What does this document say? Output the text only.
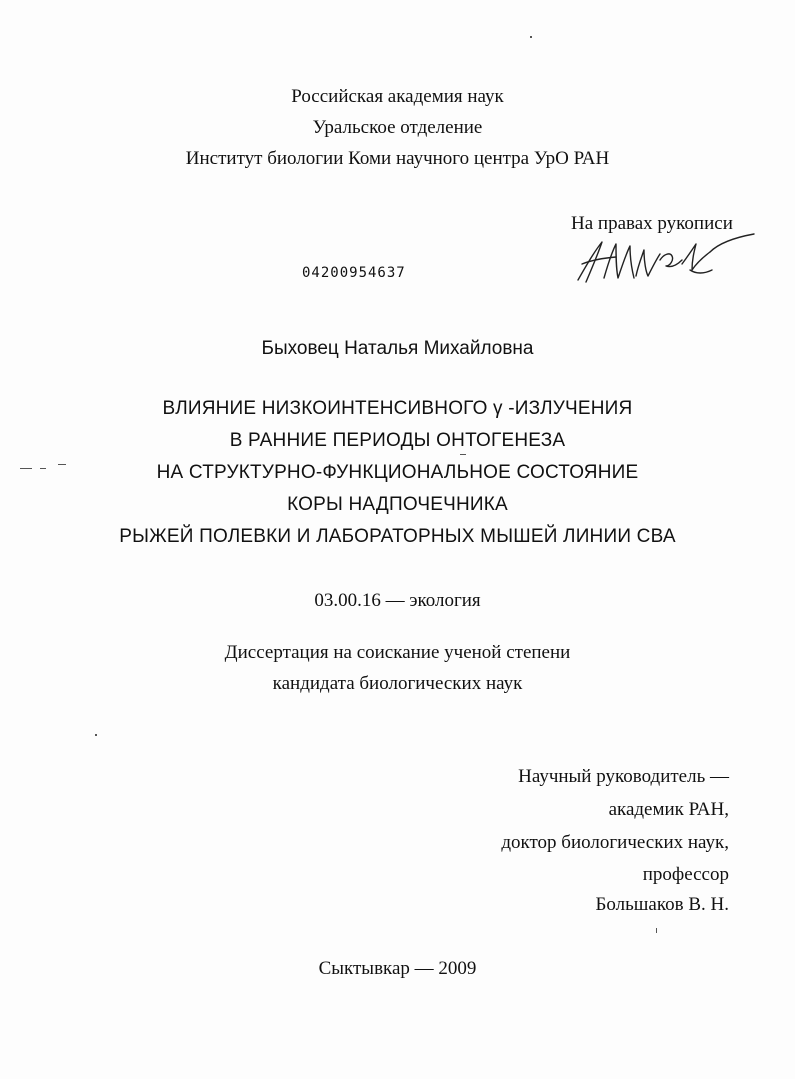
Российская академия наук
Уральское отделение
Институт биологии Коми научного центра УрО РАН
На правах рукописи
04200954637
Быховец Наталья Михайловна
ВЛИЯНИЕ НИЗКОИНТЕНСИВНОГО γ -ИЗЛУЧЕНИЯ
В РАННИЕ ПЕРИОДЫ ОНТОГЕНЕЗА
НА СТРУКТУРНО-ФУНКЦИОНАЛЬНОЕ СОСТОЯНИЕ
КОРЫ НАДПОЧЕЧНИКА
РЫЖЕЙ ПОЛЕВКИ И ЛАБОРАТОРНЫХ МЫШЕЙ ЛИНИИ СВА
03.00.16 — экология
Диссертация на соискание ученой степени
кандидата биологических наук
Научный руководитель —
академик РАН,
доктор биологических наук,
профессор
Большаков В. Н.
Сыктывкар — 2009
